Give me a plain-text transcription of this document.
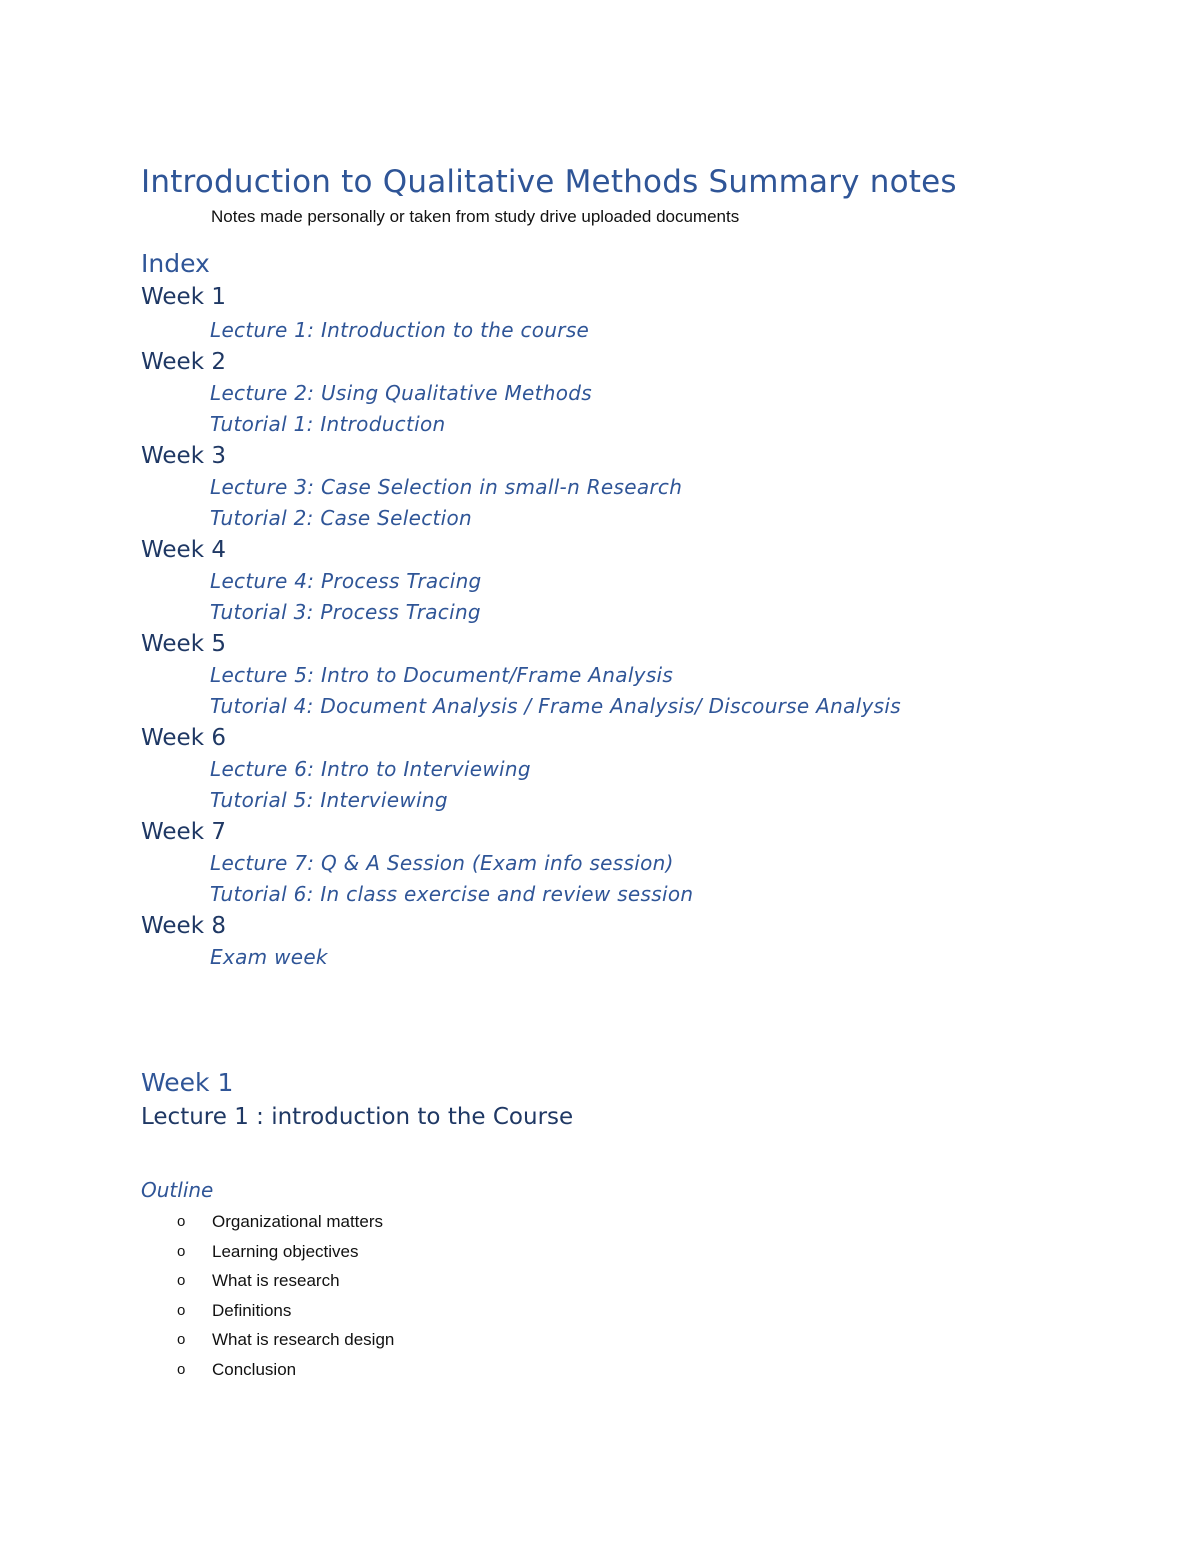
Introduction to Qualitative Methods Summary notes
Notes made personally or taken from study drive uploaded documents
Index
Week 1
Lecture 1: Introduction to the course
Week 2
Lecture 2: Using Qualitative Methods
Tutorial 1: Introduction
Week 3
Lecture 3: Case Selection in small-n Research
Tutorial 2: Case Selection
Week 4
Lecture 4: Process Tracing
Tutorial 3: Process Tracing
Week 5
Lecture 5: Intro to Document/Frame Analysis
Tutorial 4: Document Analysis / Frame Analysis/ Discourse Analysis
Week 6
Lecture 6: Intro to Interviewing
Tutorial 5: Interviewing
Week 7
Lecture 7: Q & A Session (Exam info session)
Tutorial 6: In class exercise and review session
Week 8
Exam week
Week 1
Lecture 1 : introduction to the Course
Outline
o Organizational matters
o Learning objectives
o What is research
o Definitions
o What is research design
o Conclusion
